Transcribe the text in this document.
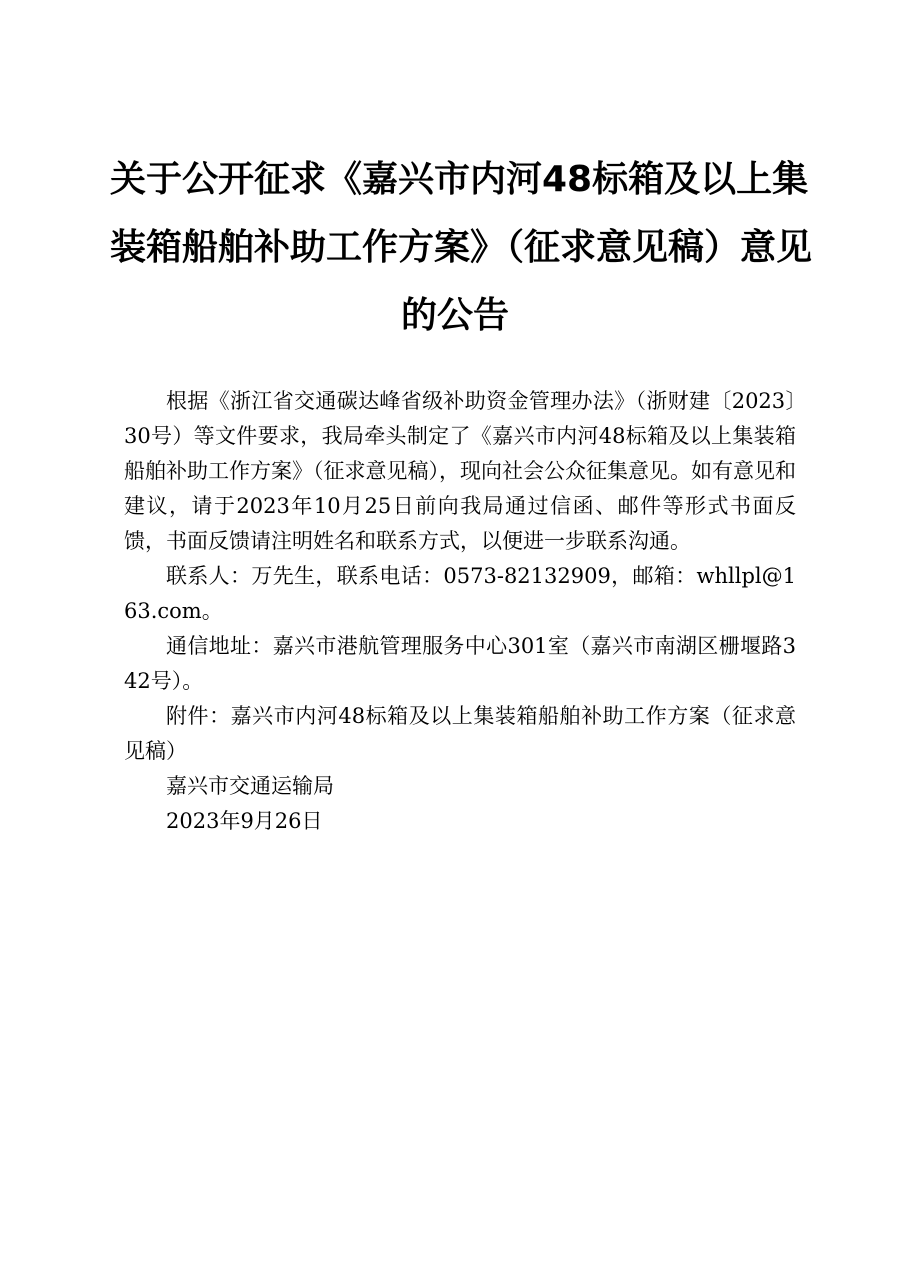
关于公开征求《嘉兴市内河48标箱及以上集
装箱船舶补助工作方案》（征求意见稿）意见
的公告

根据《浙江省交通碳达峰省级补助资金管理办法》（浙财建〔2023〕30号）等文件要求，我局牵头制定了《嘉兴市内河48标箱及以上集装箱船舶补助工作方案》（征求意见稿），现向社会公众征集意见。如有意见和建议，请于2023年10月25日前向我局通过信函、邮件等形式书面反馈，书面反馈请注明姓名和联系方式，以便进一步联系沟通。

联系人：万先生，联系电话：0573-82132909，邮箱：whllpl@163.com。

通信地址：嘉兴市港航管理服务中心301室（嘉兴市南湖区栅堰路342号）。

附件：嘉兴市内河48标箱及以上集装箱船舶补助工作方案（征求意见稿）

嘉兴市交通运输局
2023年9月26日
